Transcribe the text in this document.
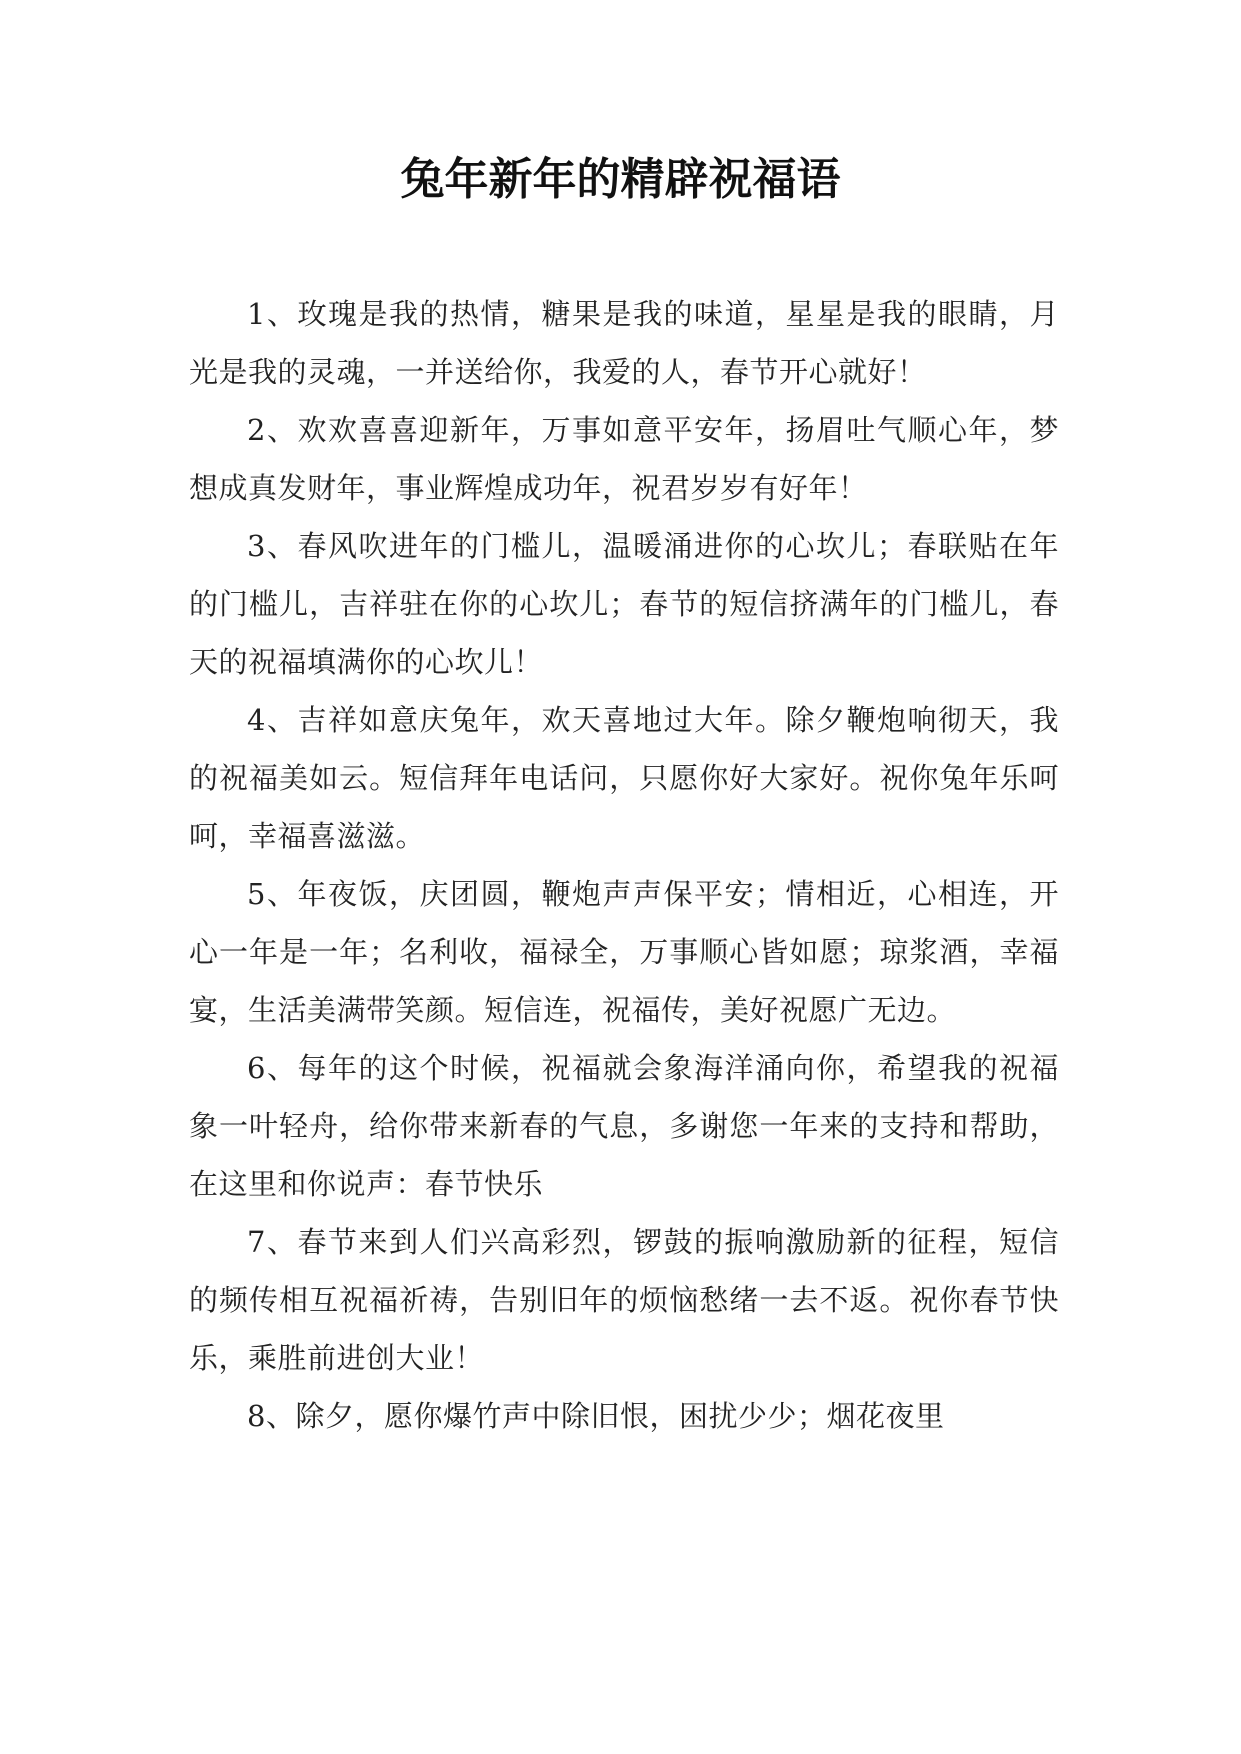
兔年新年的精辟祝福语

1、玫瑰是我的热情，糖果是我的味道，星星是我的眼睛，月光是我的灵魂，一并送给你，我爱的人，春节开心就好！

2、欢欢喜喜迎新年，万事如意平安年，扬眉吐气顺心年，梦想成真发财年，事业辉煌成功年，祝君岁岁有好年！

3、春风吹进年的门槛儿，温暖涌进你的心坎儿；春联贴在年的门槛儿，吉祥驻在你的心坎儿；春节的短信挤满年的门槛儿，春天的祝福填满你的心坎儿！

4、吉祥如意庆兔年，欢天喜地过大年。除夕鞭炮响彻天，我的祝福美如云。短信拜年电话问，只愿你好大家好。祝你兔年乐呵呵，幸福喜滋滋。

5、年夜饭，庆团圆，鞭炮声声保平安；情相近，心相连，开心一年是一年；名利收，福禄全，万事顺心皆如愿；琼浆酒，幸福宴，生活美满带笑颜。短信连，祝福传，美好祝愿广无边。

6、每年的这个时候，祝福就会象海洋涌向你，希望我的祝福象一叶轻舟，给你带来新春的气息，多谢您一年来的支持和帮助，在这里和你说声：春节快乐

7、春节来到人们兴高彩烈，锣鼓的振响激励新的征程，短信的频传相互祝福祈祷，告别旧年的烦恼愁绪一去不返。祝你春节快乐，乘胜前进创大业！

8、除夕，愿你爆竹声中除旧恨，困扰少少；烟花夜里
